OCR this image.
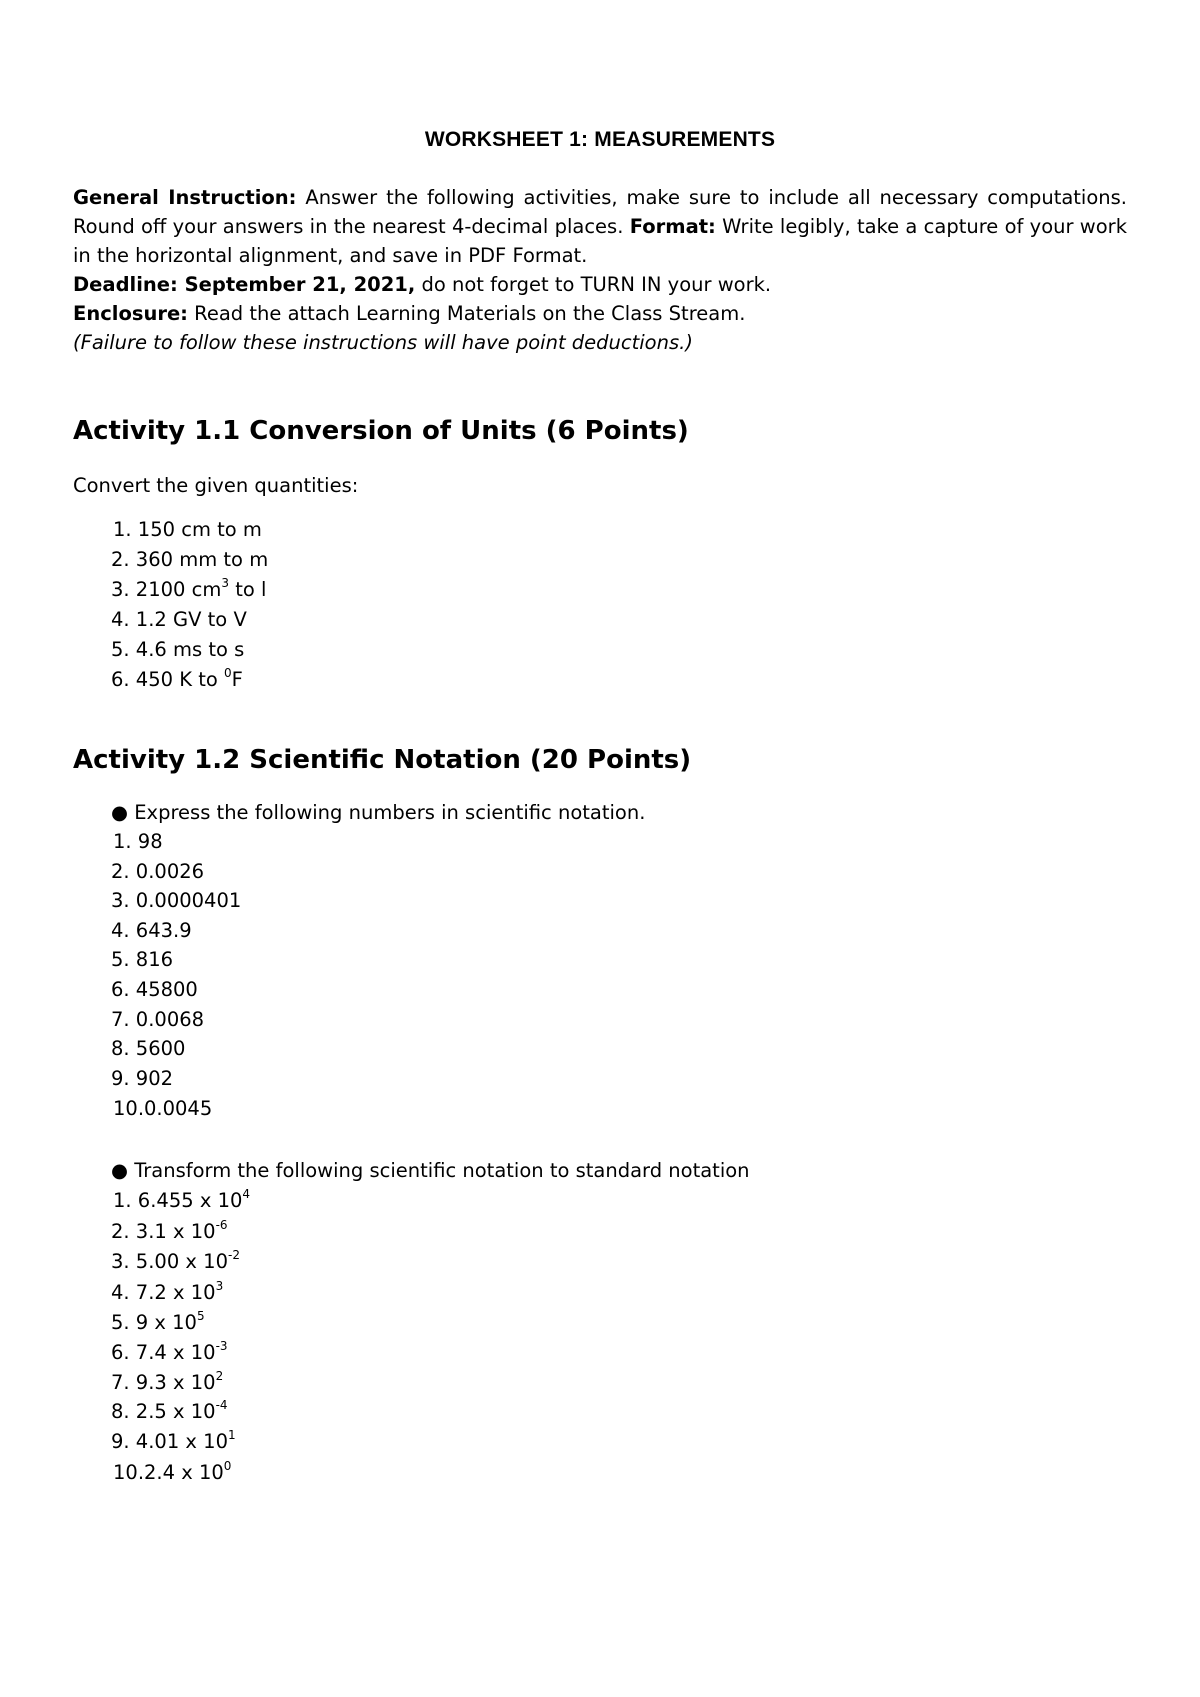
WORKSHEET 1: MEASUREMENTS

General Instruction: Answer the following activities, make sure to include all necessary computations. Round off your answers in the nearest 4-decimal places. Format: Write legibly, take a capture of your work in the horizontal alignment, and save in PDF Format.

Deadline: September 21, 2021, do not forget to TURN IN your work.

Enclosure: Read the attach Learning Materials on the Class Stream.

(Failure to follow these instructions will have point deductions.)

Activity 1.1 Conversion of Units (6 Points)
Convert the given quantities:
1. 150 cm to m
2. 360 mm to m
3. 2100 $cm^3$ to l
4. 1.2 GV to V
5. 4.6 ms to s
6. 450 K to $^0$F
Activity 1.2 Scientific Notation (20 Points)
● Express the following numbers in scientific notation.
1. 98
2. 0.0026
3. 0.0000401
4. 643.9
5. 816
6. 45800
7. 0.0068
8. 5600
9. 902
10.0.0045
● Transform the following scientific notation to standard notation
1. 6.455 x $10^4$
2. 3.1 x $10^{-6}$
3. 5.00 x $10^{-2}$
4. 7.2 x $10^3$
5. 9 x $10^5$
6. 7.4 x $10^{-3}$
7. 9.3 x $10^2$
8. 2.5 x $10^{-4}$
9. 4.01 x $10^1$
10.2.4 x $10^0$
